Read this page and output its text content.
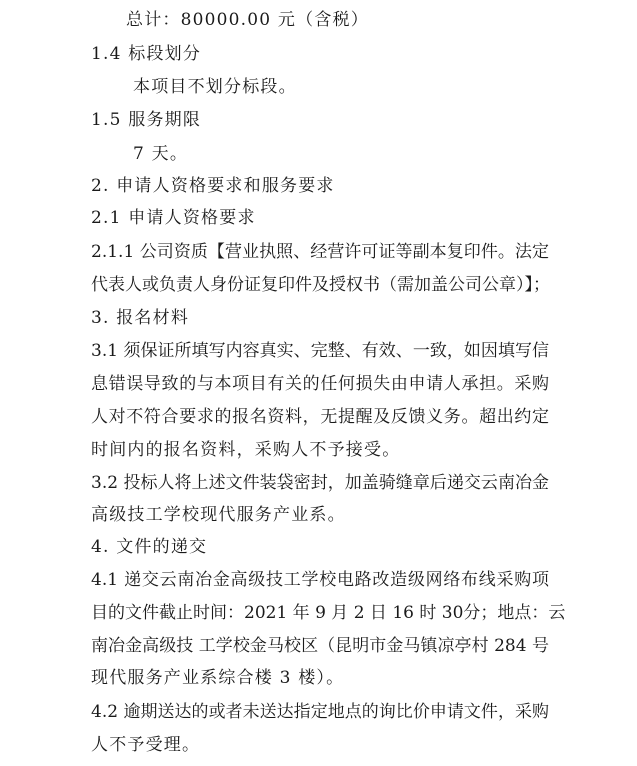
总计：80000.00 元（含税）
1.4 标段划分
本项目不划分标段。
1.5 服务期限
7 天。
2. 申请人资格要求和服务要求
2.1 申请人资格要求
2.1.1 公司资质【营业执照、经营许可证等副本复印件。法定
代表人或负责人身份证复印件及授权书（需加盖公司公章）】；
3. 报名材料
3.1 须保证所填写内容真实、完整、有效、一致，如因填写信
息错误导致的与本项目有关的任何损失由申请人承担。采购
人对不符合要求的报名资料，无提醒及反馈义务。超出约定
时间内的报名资料，采购人不予接受。
3.2 投标人将上述文件装袋密封，加盖骑缝章后递交云南冶金
高级技工学校现代服务产业系。
4. 文件的递交
4.1 递交云南冶金高级技工学校电路改造级网络布线采购项
目的文件截止时间：2021 年 9 月 2 日 16 时 30分；地点：云
南冶金高级技 工学校金马校区（昆明市金马镇凉亭村 284 号
现代服务产业系综合楼 3 楼）。
4.2 逾期送达的或者未送达指定地点的询比价申请文件，采购
人不予受理。
